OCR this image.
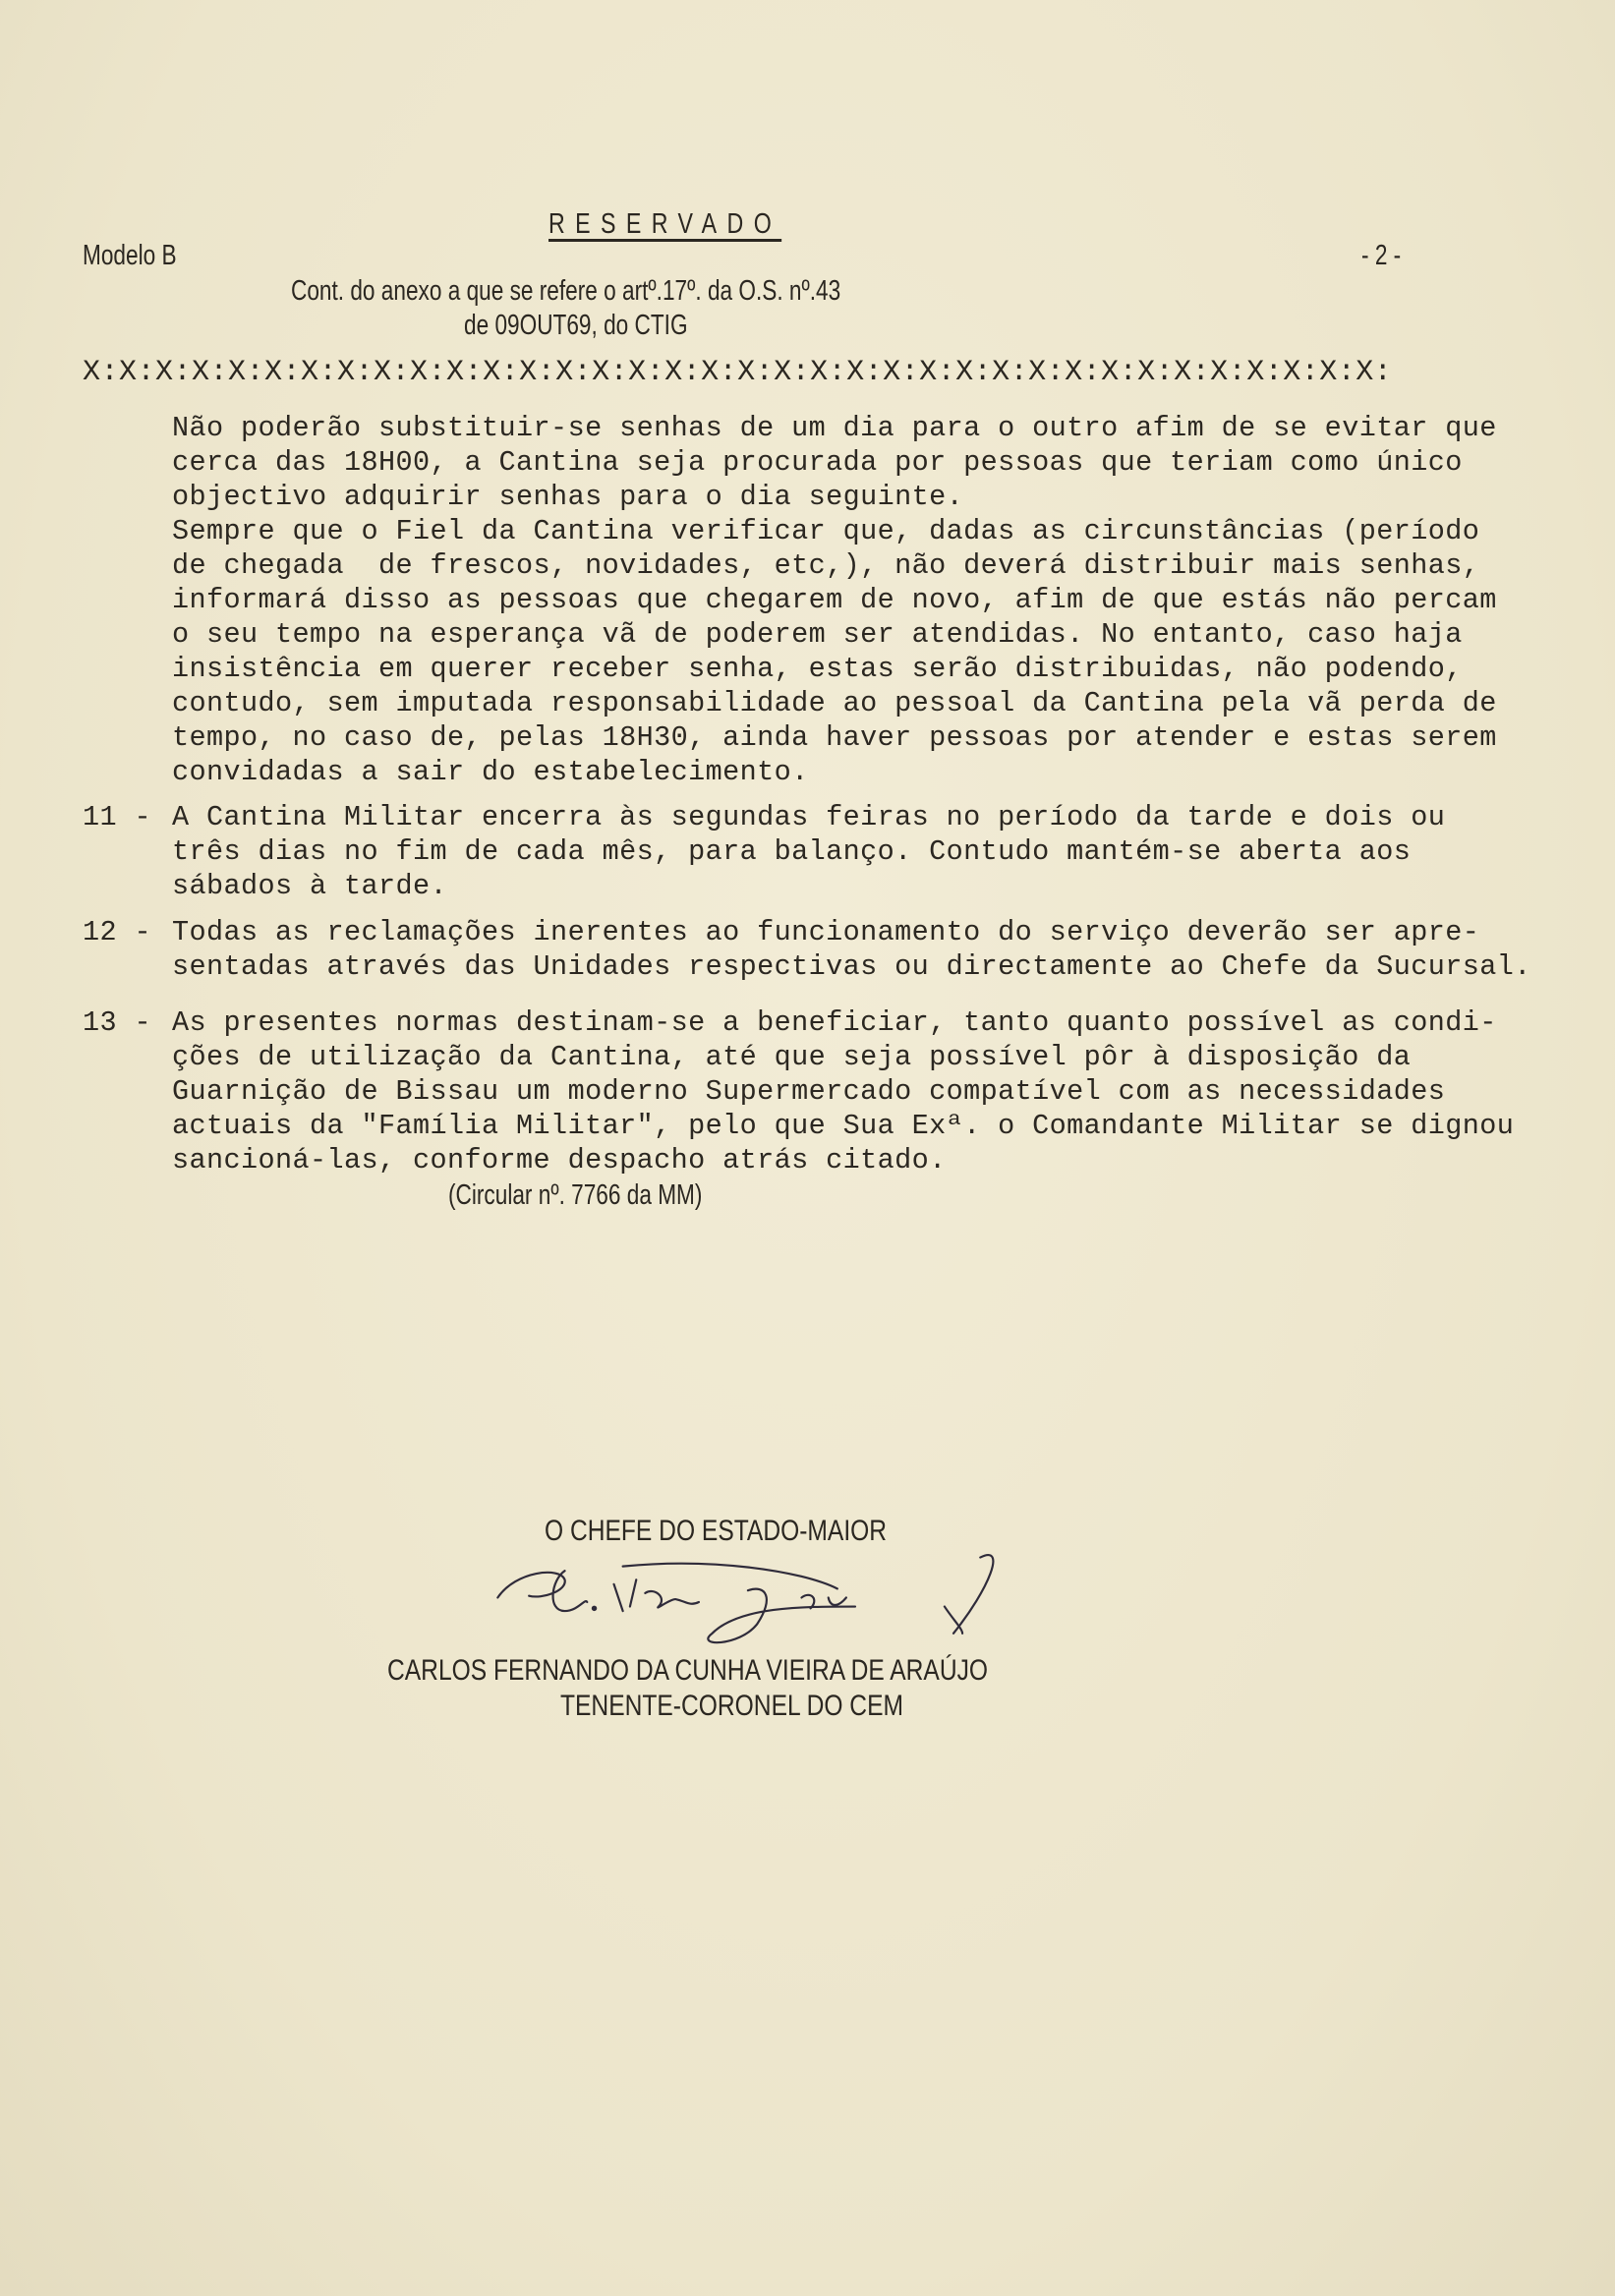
Modelo B
RESERVADO
- 2 -
Cont. do anexo a que se refere o artº.17º. da O.S. nº.43
de 09OUT69, do CTIG
X:X:X:X:X:X:X:X:X:X:X:X:X:X:X:X:X:X:X:X:X:X:X:X:X:X:X:X:X:X:X:X:X:X:X:X:
Não poderão substituir-se senhas de um dia para o outro afim de se evitar que
cerca das 18H00, a Cantina seja procurada por pessoas que teriam como único
objectivo adquirir senhas para o dia seguinte.
Sempre que o Fiel da Cantina verificar que, dadas as circunstâncias (período
de chegada  de frescos, novidades, etc,), não deverá distribuir mais senhas,
informará disso as pessoas que chegarem de novo, afim de que estás não percam
o seu tempo na esperança vã de poderem ser atendidas. No entanto, caso haja
insistência em querer receber senha, estas serão distribuidas, não podendo,
contudo, sem imputada responsabilidade ao pessoal da Cantina pela vã perda de
tempo, no caso de, pelas 18H30, ainda haver pessoas por atender e estas serem
convidadas a sair do estabelecimento.
11 - A Cantina Militar encerra às segundas feiras no período da tarde e dois ou
três dias no fim de cada mês, para balanço. Contudo mantém-se aberta aos
sábados à tarde.
12 - Todas as reclamações inerentes ao funcionamento do serviço deverão ser apre-
sentadas através das Unidades respectivas ou directamente ao Chefe da Sucursal.
13 - As presentes normas destinam-se a beneficiar, tanto quanto possível as condi-
ções de utilização da Cantina, até que seja possível pôr à disposição da
Guarnição de Bissau um moderno Supermercado compatível com as necessidades
actuais da "Família Militar", pelo que Sua Exª. o Comandante Militar se dignou
sancioná-las, conforme despacho atrás citado.
(Circular nº. 7766 da MM)
O CHEFE DO ESTADO-MAIOR
CARLOS FERNANDO DA CUNHA VIEIRA DE ARAÚJO
TENENTE-CORONEL DO CEM
